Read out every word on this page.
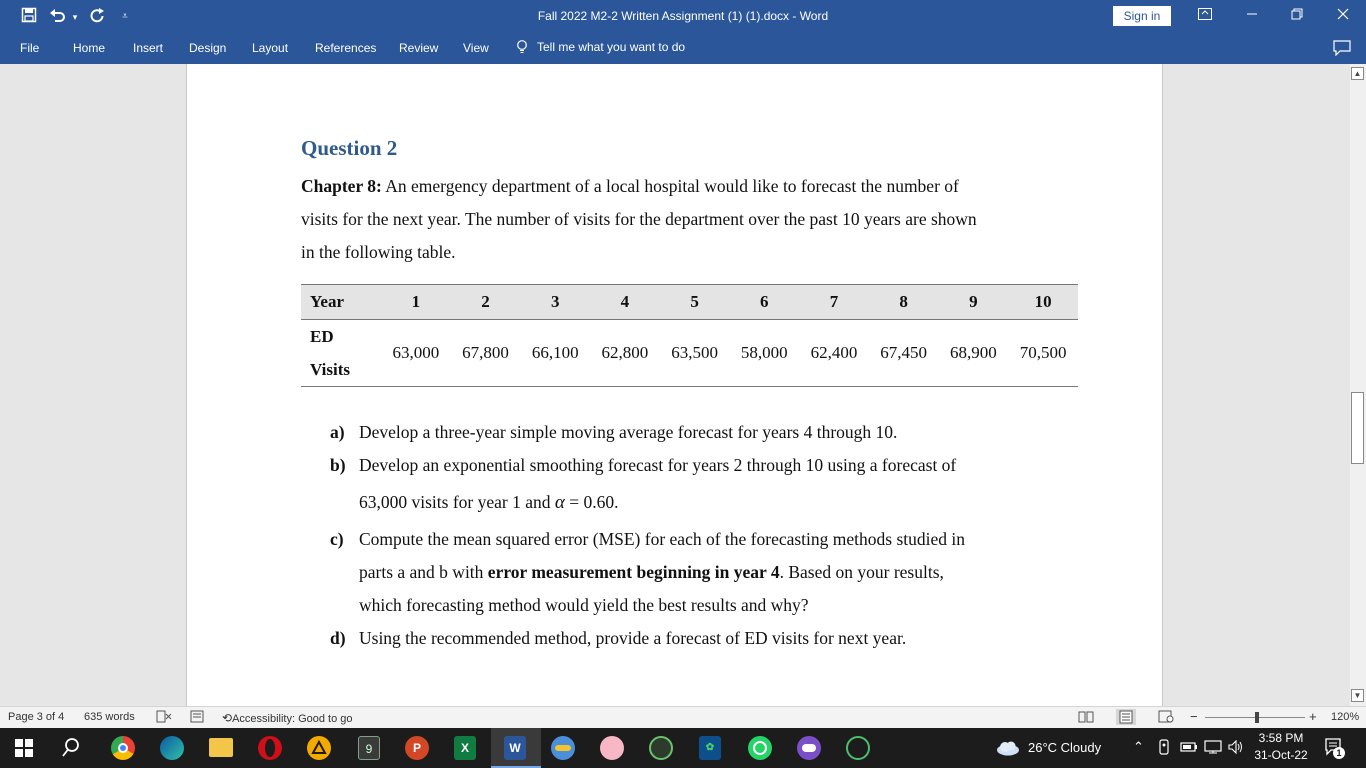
▾	⩡	Fall 2022 M2-2 Written Assignment (1) (1).docx - Word	Sign in
File	Home Insert Design Layout References Review View	Tell me what you want to do
Question 2
Chapter 8: An emergency department of a local hospital would like to forecast the number of
visits for the next year. The number of visits for the department over the past 10 years are shown
in the following table.
Year	1	2	3	4	5	6	7	8	9	10
ED
Visits	63,000	67,800	66,100	62,800	63,500	58,000	62,400	67,450	68,900	70,500
a) Develop a three-year simple moving average forecast for years 4 through 10.
b) Develop an exponential smoothing forecast for years 2 through 10 using a forecast of
63,000 visits for year 1 and α = 0.60.
c) Compute the mean squared error (MSE) for each of the forecasting methods studied in
parts a and b with error measurement beginning in year 4. Based on your results,
which forecasting method would yield the best results and why?
d) Using the recommended method, provide a forecast of ED visits for next year.
▲
▼
Page 3 of 4 635 words	⟲Accessibility: Good to go	−	+ 120%
9	P	X	W	✿	26°C Cloudy ⌃
3:58 PM
31-Oct-22	1
